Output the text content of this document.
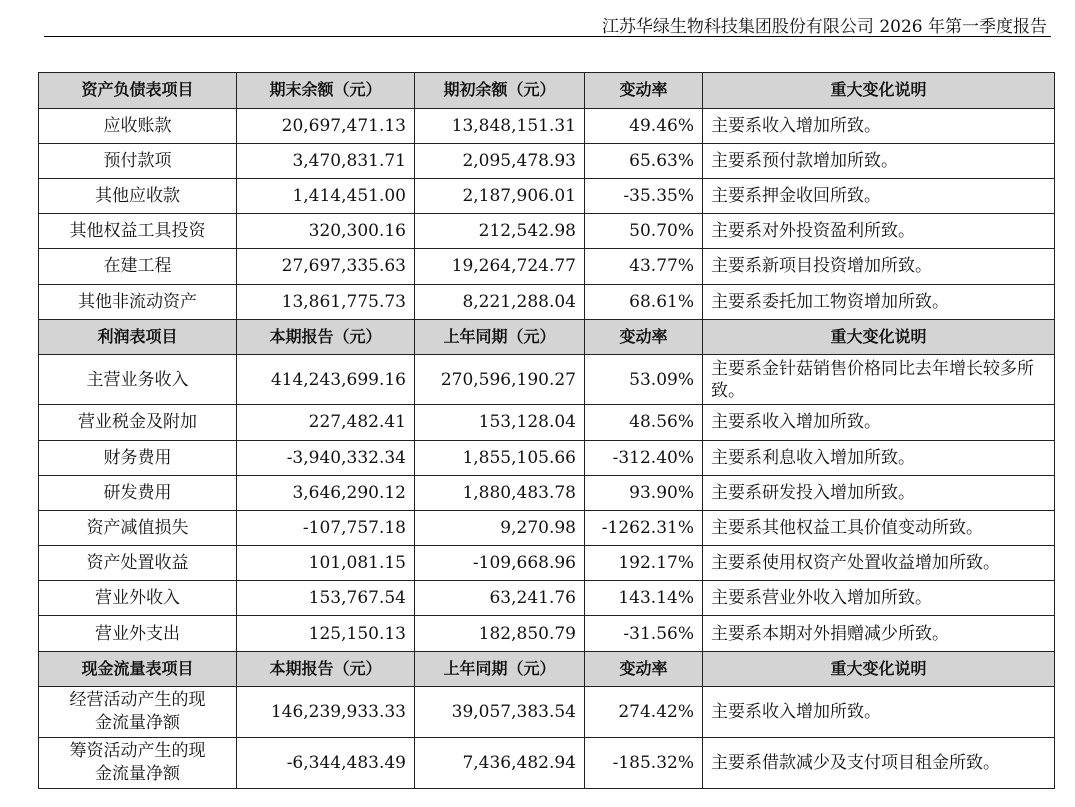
江苏华绿生物科技集团股份有限公司 2026 年第一季度报告
资产负债表项目	期末余额（元）	期初余额（元）	变动率	重大变化说明
应收账款	20,697,471.13	13,848,151.31	49.46%	主要系收入增加所致。
预付款项	3,470,831.71	2,095,478.93	65.63%	主要系预付款增加所致。
其他应收款	1,414,451.00	2,187,906.01	-35.35%	主要系押金收回所致。
其他权益工具投资	320,300.16	212,542.98	50.70%	主要系对外投资盈利所致。
在建工程	27,697,335.63	19,264,724.77	43.77%	主要系新项目投资增加所致。
其他非流动资产	13,861,775.73	8,221,288.04	68.61%	主要系委托加工物资增加所致。
利润表项目	本期报告（元）	上年同期（元）	变动率	重大变化说明
主营业务收入	414,243,699.16	270,596,190.27	53.09%	主要系金针菇销售价格同比去年增长较多所致。
营业税金及附加	227,482.41	153,128.04	48.56%	主要系收入增加所致。
财务费用	-3,940,332.34	1,855,105.66	-312.40%	主要系利息收入增加所致。
研发费用	3,646,290.12	1,880,483.78	93.90%	主要系研发投入增加所致。
资产减值损失	-107,757.18	9,270.98	-1262.31%	主要系其他权益工具价值变动所致。
资产处置收益	101,081.15	-109,668.96	192.17%	主要系使用权资产处置收益增加所致。
营业外收入	153,767.54	63,241.76	143.14%	主要系营业外收入增加所致。
营业外支出	125,150.13	182,850.79	-31.56%	主要系本期对外捐赠减少所致。
现金流量表项目	本期报告（元）	上年同期（元）	变动率	重大变化说明
经营活动产生的现
金流量净额	146,239,933.33	39,057,383.54	274.42%	主要系收入增加所致。
筹资活动产生的现
金流量净额	-6,344,483.49	7,436,482.94	-185.32%	主要系借款减少及支付项目租金所致。
